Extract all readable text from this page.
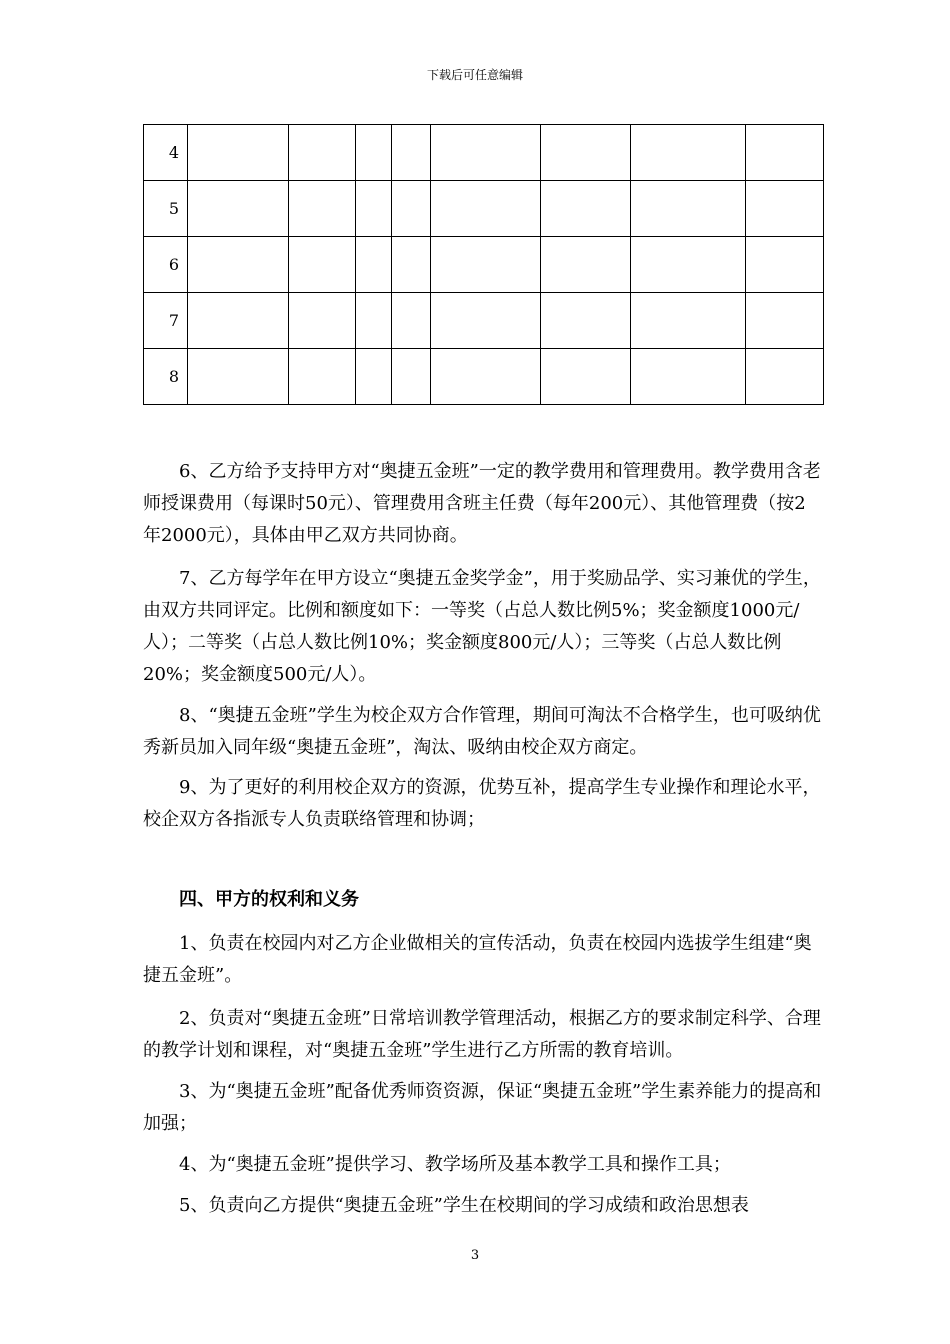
下载后可任意编辑
4								
5								
6								
7								
8								

6、乙方给予支持甲方对“奥捷五金班”一定的教学费用和管理费用。教学费用含老师授课费用（每课时50元）、管理费用含班主任费（每年200元）、其他管理费（按2年2000元），具体由甲乙双方共同协商。

7、乙方每学年在甲方设立“奥捷五金奖学金”，用于奖励品学、实习兼优的学生，由双方共同评定。比例和额度如下：一等奖（占总人数比例5%；奖金额度1000元/人）；二等奖（占总人数比例10%；奖金额度800元/人）；三等奖（占总人数比例20%；奖金额度500元/人）。

8、“奥捷五金班”学生为校企双方合作管理，期间可淘汰不合格学生，也可吸纳优秀新员加入同年级“奥捷五金班”，淘汰、吸纳由校企双方商定。

9、为了更好的利用校企双方的资源，优势互补，提高学生专业操作和理论水平，校企双方各指派专人负责联络管理和协调；

四、甲方的权利和义务

1、负责在校园内对乙方企业做相关的宣传活动，负责在校园内选拔学生组建“奥捷五金班”。

2、负责对“奥捷五金班”日常培训教学管理活动，根据乙方的要求制定科学、合理的教学计划和课程，对“奥捷五金班”学生进行乙方所需的教育培训。

3、为“奥捷五金班”配备优秀师资资源，保证“奥捷五金班”学生素养能力的提高和加强；

4、为“奥捷五金班”提供学习、教学场所及基本教学工具和操作工具；

5、负责向乙方提供“奥捷五金班”学生在校期间的学习成绩和政治思想表

3
